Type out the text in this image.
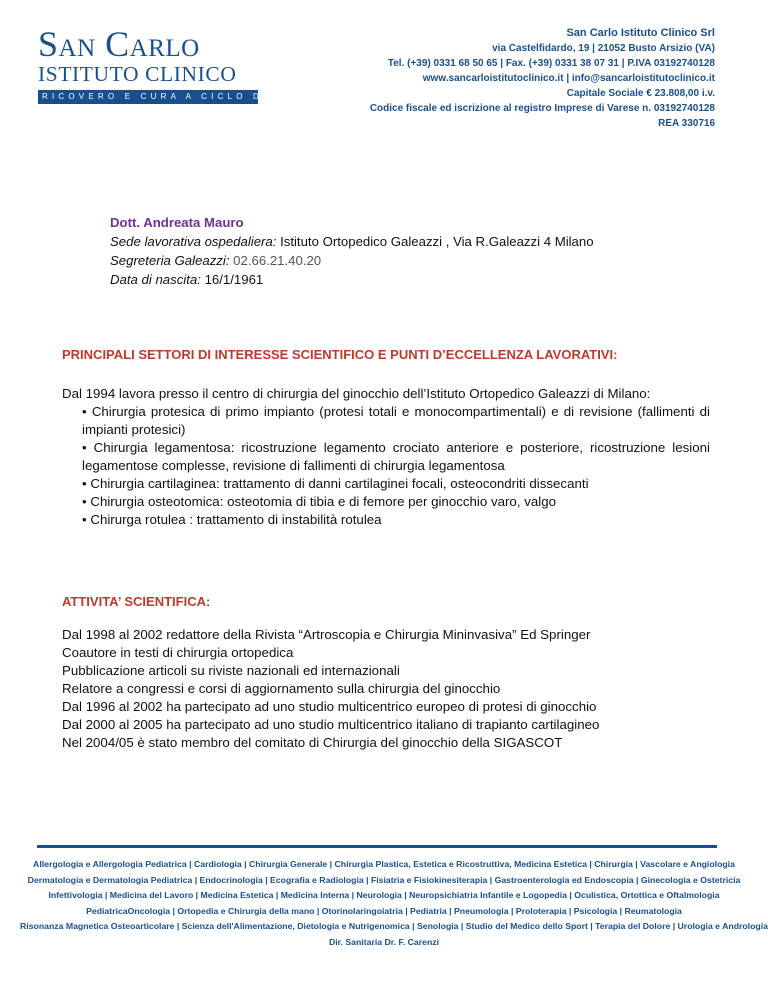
San Carlo
ISTITUTO CLINICO
RICOVERO E CURA A CICLO DIURNO
San Carlo Istituto Clinico Srl
via Castelfidardo, 19 | 21052 Busto Arsizio (VA)
Tel. (+39) 0331 68 50 65 | Fax. (+39) 0331 38 07 31 | P.IVA 03192740128
www.sancarloistitutoclinico.it | info@sancarloistitutoclinico.it
Capitale Sociale € 23.808,00 i.v.
Codice fiscale ed iscrizione al registro Imprese di Varese n. 03192740128
REA 330716
Dott. Andreata Mauro
Sede lavorativa ospedaliera: Istituto Ortopedico Galeazzi , Via R.Galeazzi 4 Milano
Segreteria Galeazzi: 02.66.21.40.20
Data di nascita: 16/1/1961
PRINCIPALI SETTORI DI INTERESSE SCIENTIFICO E PUNTI D’ECCELLENZA LAVORATIVI:

Dal 1994 lavora presso il centro di chirurgia del ginocchio dell’Istituto Ortopedico Galeazzi di Milano:

• Chirurgia protesica di primo impianto (protesi totali e monocompartimentali) e di revisione (fallimenti di impianti protesici)
• Chirurgia legamentosa: ricostruzione legamento crociato anteriore e posteriore, ricostruzione lesioni legamentose complesse, revisione di fallimenti di chirurgia legamentosa
• Chirurgia cartilaginea: trattamento di danni cartilaginei focali, osteocondriti dissecanti
• Chirurgia osteotomica: osteotomia di tibia e di femore per ginocchio varo, valgo
• Chirurga rotulea : trattamento di instabilità rotulea
ATTIVITA’ SCIENTIFICA:
Dal 1998 al 2002 redattore della Rivista “Artroscopia e Chirurgia Mininvasiva” Ed Springer
Coautore in testi di chirurgia ortopedica
Pubblicazione articoli su riviste nazionali ed internazionali
Relatore a congressi e corsi di aggiornamento sulla chirurgia del ginocchio
Dal 1996 al 2002 ha partecipato ad uno studio multicentrico europeo di protesi di ginocchio
Dal 2000 al 2005 ha partecipato ad uno studio multicentrico italiano di trapianto cartilagineo
Nel 2004/05 è stato membro del comitato di Chirurgia del ginocchio della SIGASCOT
Allergologia e Allergologia Pediatrica | Cardiologia | Chirurgia Generale | Chirurgia Plastica, Estetica e Ricostruttiva, Medicina Estetica | Chirurgia | Vascolare e Angiologia
Dermatologia e Dermatologia Pediatrica | Endocrinologia | Ecografia e Radiologia | Fisiatria e Fisiokinesiterapia | Gastroenterologia ed Endoscopia | Ginecologia e Ostetricia
Infettivologia | Medicina del Lavoro | Medicina Estetica | Medicina Interna | Neurologia | Neuropsichiatria Infantile e Logopedia | Oculistica, Ortottica e Oftalmologia
PediatricaOncologia | Ortopedia e Chirurgia della mano | Otorinolaringoiatria | Pediatria | Pneumologia | Proloterapia | Psicologia | Reumatologia
Risonanza Magnetica Osteoarticolare | Scienza dell'Alimentazione, Dietologia e Nutrigenomica | Senologia | Studio del Medico dello Sport | Terapia del Dolore | Urologia e Andrologia
Dir. Sanitaria Dr. F. Carenzi
